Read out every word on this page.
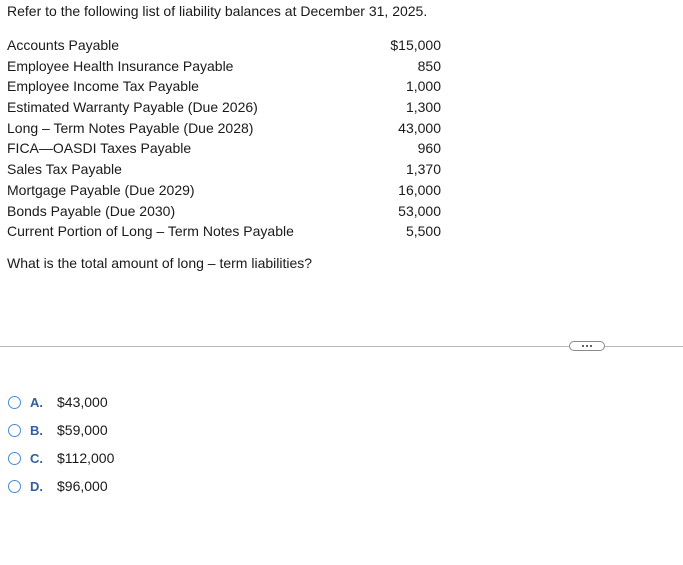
Refer to the following list of liability balances at December 31, 2025.
Accounts Payable	$15,000
Employee Health Insurance Payable	850
Employee Income Tax Payable	1,000
Estimated Warranty Payable (Due 2026)	1,300
Long – Term Notes Payable (Due 2028)	43,000
FICA—OASDI Taxes Payable	960
Sales Tax Payable	1,370
Mortgage Payable (Due 2029)	16,000
Bonds Payable (Due 2030)	53,000
Current Portion of Long – Term Notes Payable	5,500
What is the total amount of long – term liabilities?
A.	$43,000
B.	$59,000
C.	$112,000
D.	$96,000
